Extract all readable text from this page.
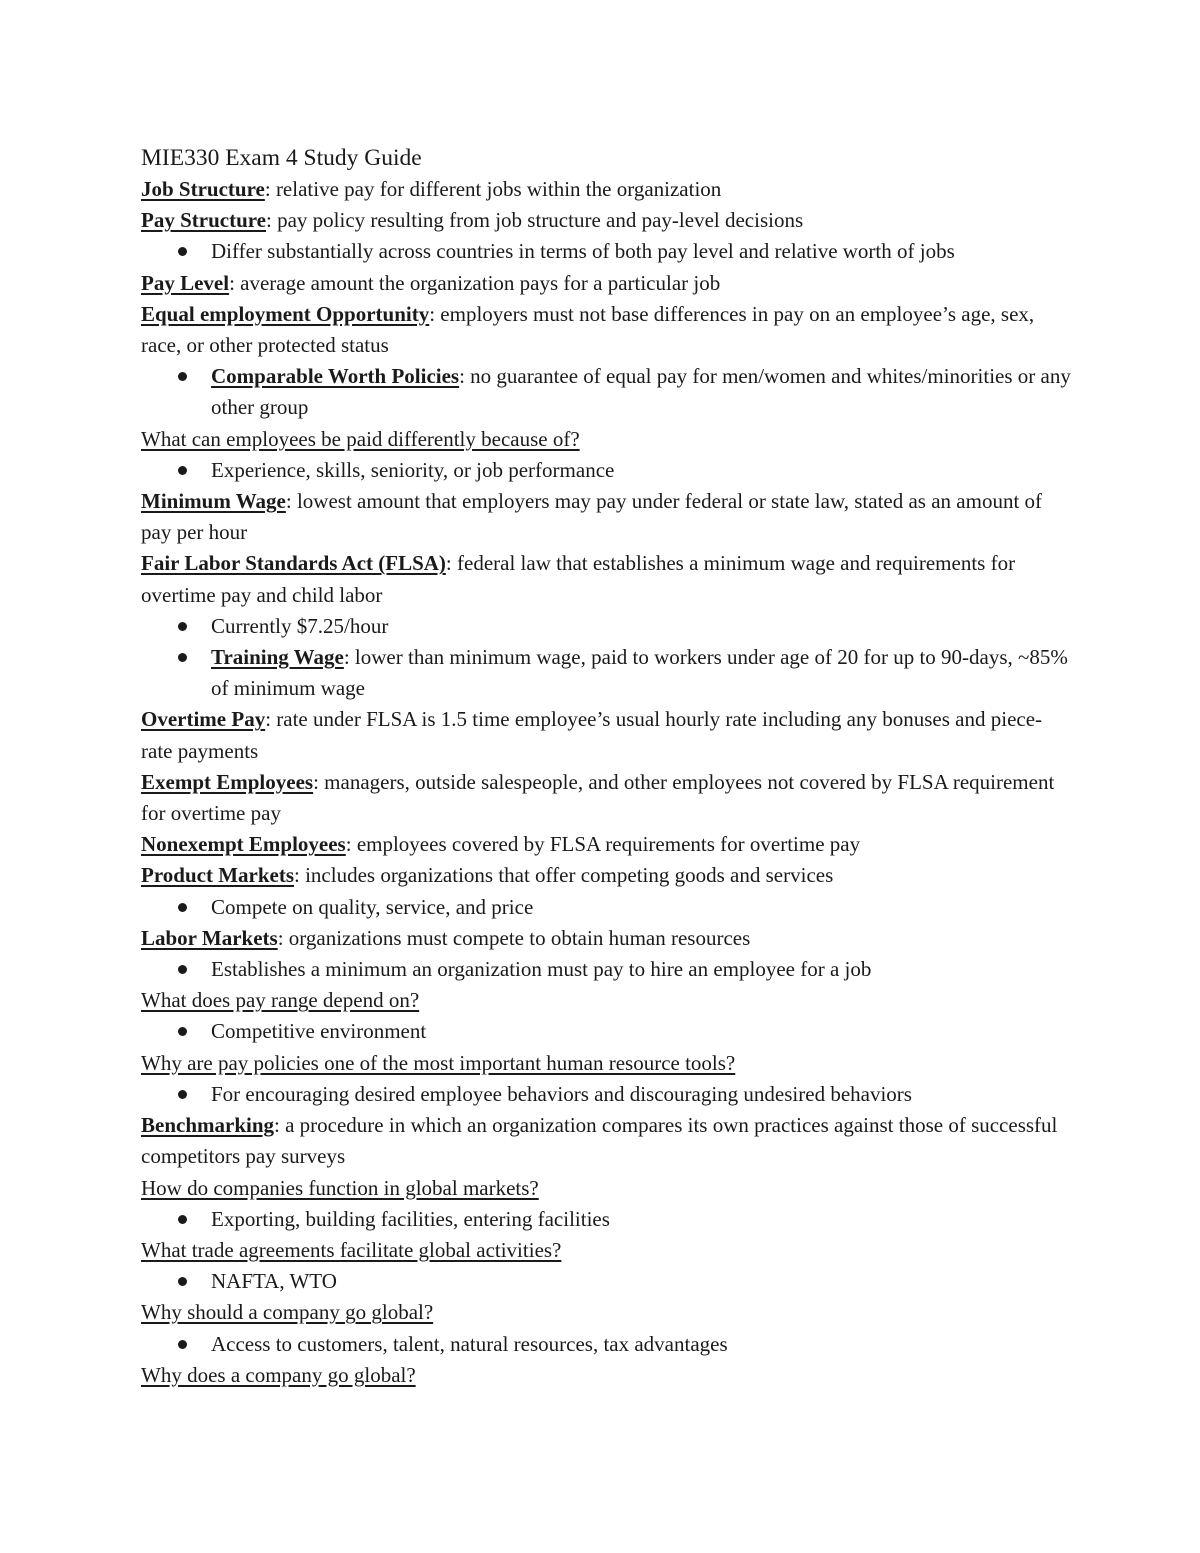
MIE330 Exam 4 Study Guide
Job Structure: relative pay for different jobs within the organization
Pay Structure: pay policy resulting from job structure and pay-level decisions
Differ substantially across countries in terms of both pay level and relative worth of jobs
Pay Level: average amount the organization pays for a particular job
Equal employment Opportunity: employers must not base differences in pay on an employee’s age, sex, race, or other protected status
Comparable Worth Policies: no guarantee of equal pay for men/women and whites/minorities or any other group
What can employees be paid differently because of?
Experience, skills, seniority, or job performance
Minimum Wage: lowest amount that employers may pay under federal or state law, stated as an amount of pay per hour
Fair Labor Standards Act (FLSA): federal law that establishes a minimum wage and requirements for overtime pay and child labor
Currently $7.25/hour
Training Wage: lower than minimum wage, paid to workers under age of 20 for up to 90-days, ~85% of minimum wage
Overtime Pay: rate under FLSA is 1.5 time employee’s usual hourly rate including any bonuses and piece-rate payments
Exempt Employees: managers, outside salespeople, and other employees not covered by FLSA requirement for overtime pay
Nonexempt Employees: employees covered by FLSA requirements for overtime pay
Product Markets: includes organizations that offer competing goods and services
Compete on quality, service, and price
Labor Markets: organizations must compete to obtain human resources
Establishes a minimum an organization must pay to hire an employee for a job
What does pay range depend on?
Competitive environment
Why are pay policies one of the most important human resource tools?
For encouraging desired employee behaviors and discouraging undesired behaviors
Benchmarking: a procedure in which an organization compares its own practices against those of successful competitors pay surveys
How do companies function in global markets?
Exporting, building facilities, entering facilities
What trade agreements facilitate global activities?
NAFTA, WTO
Why should a company go global?
Access to customers, talent, natural resources, tax advantages
Why does a company go global?
